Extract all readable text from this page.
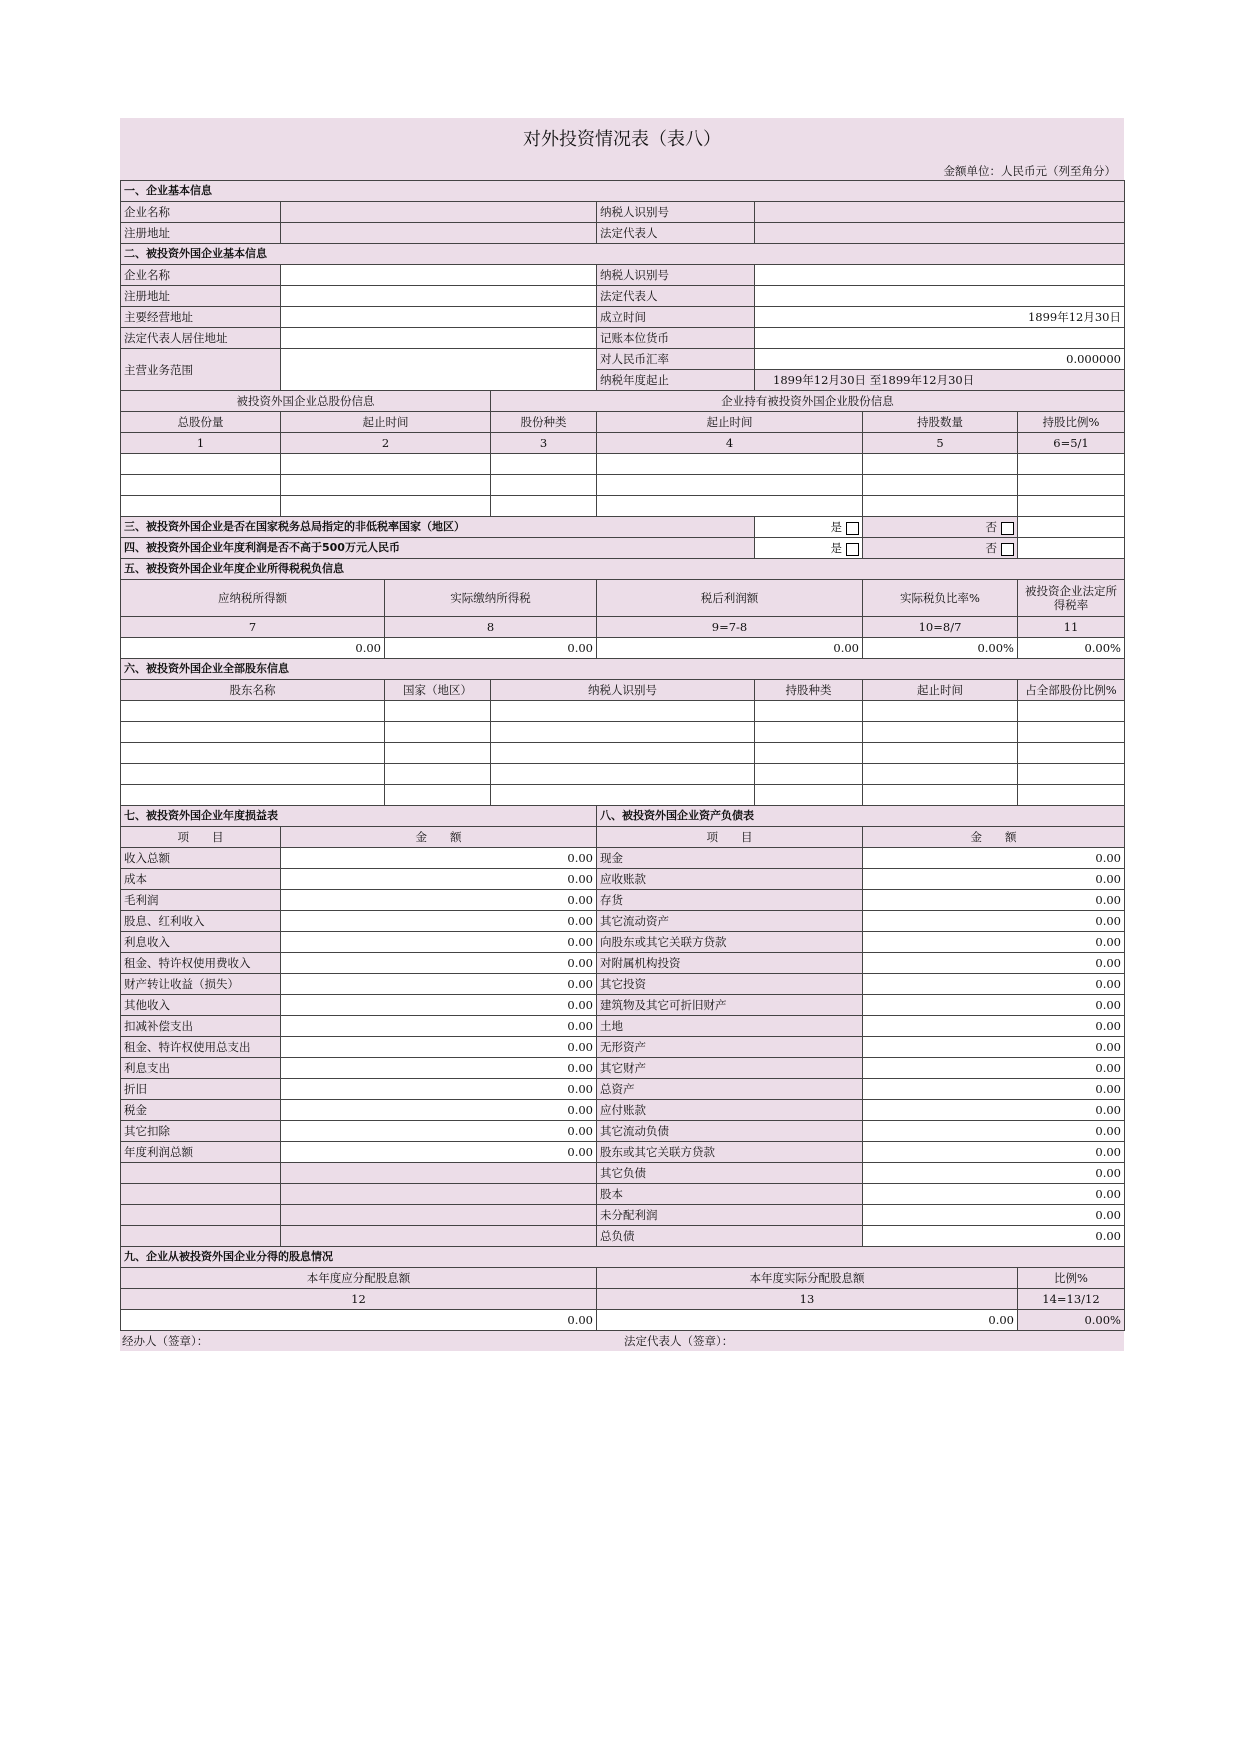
对外投资情况表（表八）
金额单位：人民币元（列至角分）
一、企业基本信息							
企业名称				纳税人识别号			
注册地址				法定代表人			
二、被投资外国企业基本信息							
企业名称				纳税人识别号			
注册地址				法定代表人			
主要经营地址				成立时间	1899年12月30日		
法定代表人居住地址				记账本位货币			
主营业务范围				对人民币汇率	0.000000		
				纳税年度起止	1899年12月30日 至1899年12月30日		
被投资外国企业总股份信息			企业持有被投资外国企业股份信息				
总股份量	起止时间		股份种类	起止时间		持股数量	持股比例%
1	2		3	4		5	6=5/1

三、被投资外国企业是否在国家税务总局指定的非低税率国家（地区）					是	否	
四、被投资外国企业年度利润是否不高于500万元人民币					是	否	
五、被投资外国企业年度企业所得税税负信息							
应纳税所得额		实际缴纳所得税		税后利润额		实际税负比率%	被投资企业法定所得税率
7		8		9=7-8		10=8/7	11
0.00		0.00		0.00		0.00%	0.00%
六、被投资外国企业全部股东信息							
股东名称		国家（地区）	纳税人识别号		持股种类	起止时间	占全部股份比例%

七、被投资外国企业年度损益表				八、被投资外国企业资产负债表			
项　　目	金　　额			项　　目		金　　额	
收入总额	0.00			现金		0.00	
成本	0.00			应收账款		0.00	
毛利润	0.00			存货		0.00	
股息、红利收入	0.00			其它流动资产		0.00	
利息收入	0.00			向股东或其它关联方贷款		0.00	
租金、特许权使用费收入	0.00			对附属机构投资		0.00	
财产转让收益（损失）	0.00			其它投资		0.00	
其他收入	0.00			建筑物及其它可折旧财产		0.00	
扣减补偿支出	0.00			土地		0.00	
租金、特许权使用总支出	0.00			无形资产		0.00	
利息支出	0.00			其它财产		0.00	
折旧	0.00			总资产		0.00	
税金	0.00			应付账款		0.00	
其它扣除	0.00			其它流动负债		0.00	
年度利润总额	0.00			股东或其它关联方贷款		0.00	
				其它负债		0.00	
				股本		0.00	
				未分配利润		0.00	
				总负债		0.00	
九、企业从被投资外国企业分得的股息情况							
本年度应分配股息额				本年度实际分配股息额			比例%
12				13			14=13/12
0.00				0.00			0.00%
经办人（签章）：	法定代表人（签章）：
